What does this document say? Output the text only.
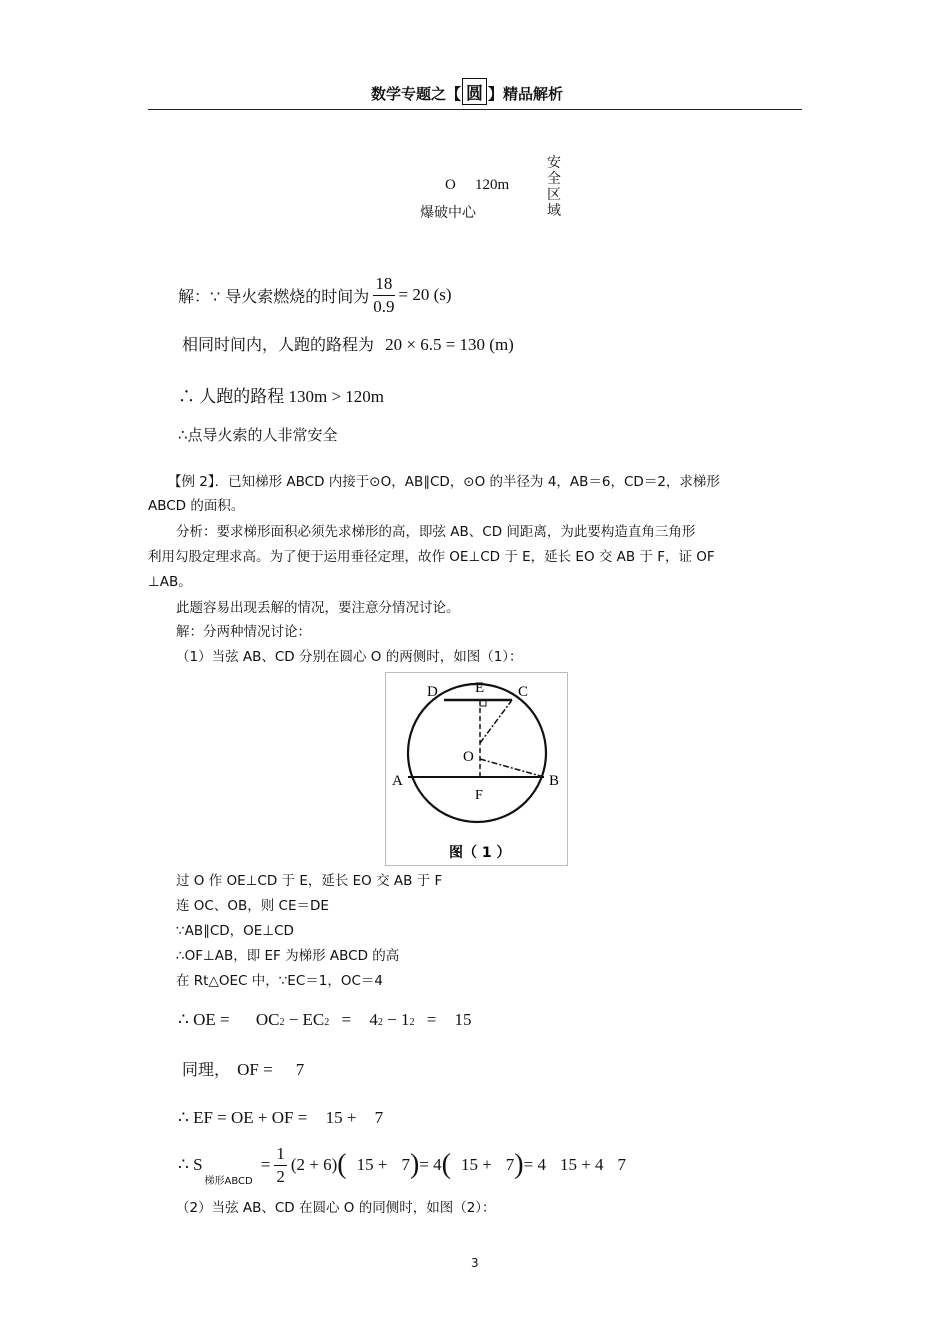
数学专题之【 圆 】精品解析
O 120m
爆破中心
安
全
区
域
解：∵ 导火索燃烧的时间为 $\frac{18}{0.9} = 20$ (s)
相同时间内，人跑的路程为 20 × 6.5 = 130 (m)
∴ 人跑的路程 130m > 120m
∴点导火索的人非常安全
【例 2】．已知梯形 ABCD 内接于⊙O，AB∥CD，⊙O 的半径为 4，AB＝6，CD＝2，求梯形
ABCD 的面积。
分析：要求梯形面积必须先求梯形的高，即弦 AB、CD 间距离，为此要构造直角三角形
利用勾股定理求高。为了便于运用垂径定理，故作 OE⊥CD 于 E，延长 EO 交 AB 于 F，证 OF
⊥AB。
此题容易出现丢解的情况，要注意分情况讨论。
解：分两种情况讨论：
（1）当弦 AB、CD 分别在圆心 O 的两侧时，如图（1）：
D E C
O
A	B
F
图（ 1 ）
过 O 作 OE⊥CD 于 E，延长 EO 交 AB 于 F
连 OC、OB，则 CE＝DE
∵AB∥CD，OE⊥CD
∴OF⊥AB，即 EF 为梯形 ABCD 的高
在 Rt△OEC 中，∵EC＝1，OC＝4
∴ OE = OC2 − EC2 = 42 − 12 = 15
同理， OF = 7
∴ EF = OE + OF = 15 + 7
∴ S
梯形ABCD
= $\frac{1}{2} (2 + 6)$ ( 15 + 7 ) = 4 ( 15 + 7 ) = 4 15 + 4 7
（2）当弦 AB、CD 在圆心 O 的同侧时，如图（2）：
3
